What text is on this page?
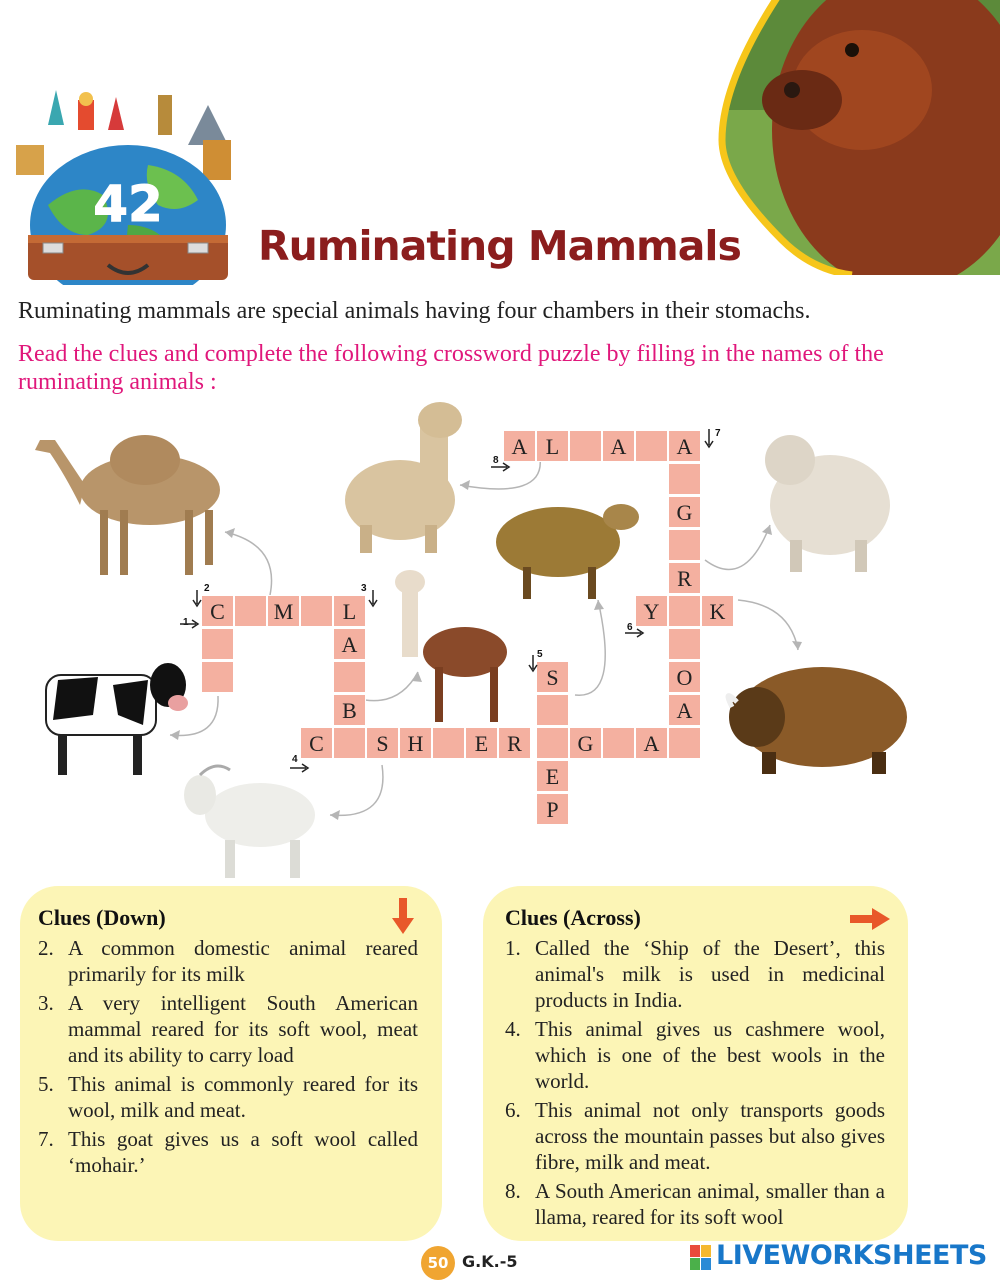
42
Ruminating Mammals
Ruminating mammals are special animals having four chambers in their stomachs.
Read the clues and complete the following crossword puzzle by filling in the names of the ruminating animals :
A L	A	A
G
R
O
A
Y	K
C	M	L
A
B
S
E
P
C	S H	E R	G	A
1
2	3
4
5
6
7
8
Clues (Down)
2. A common domestic animal reared primarily for its milk
3. A very intelligent South American mammal reared for its soft wool, meat and its ability to carry load
5. This animal is commonly reared for its wool, milk and meat.
7. This goat gives us a soft wool called ‘mohair.’
Clues (Across)
1. Called the ‘Ship of the Desert’, this animal's milk is used in medicinal products in India.
4. This animal gives us cashmere wool, which is one of the best wools in the world.
6. This animal not only transports goods across the mountain passes but also gives fibre, milk and meat.
8. A South American animal, smaller than a llama, reared for its soft wool
50 G.K.-5	LIVEWORKSHEETS
